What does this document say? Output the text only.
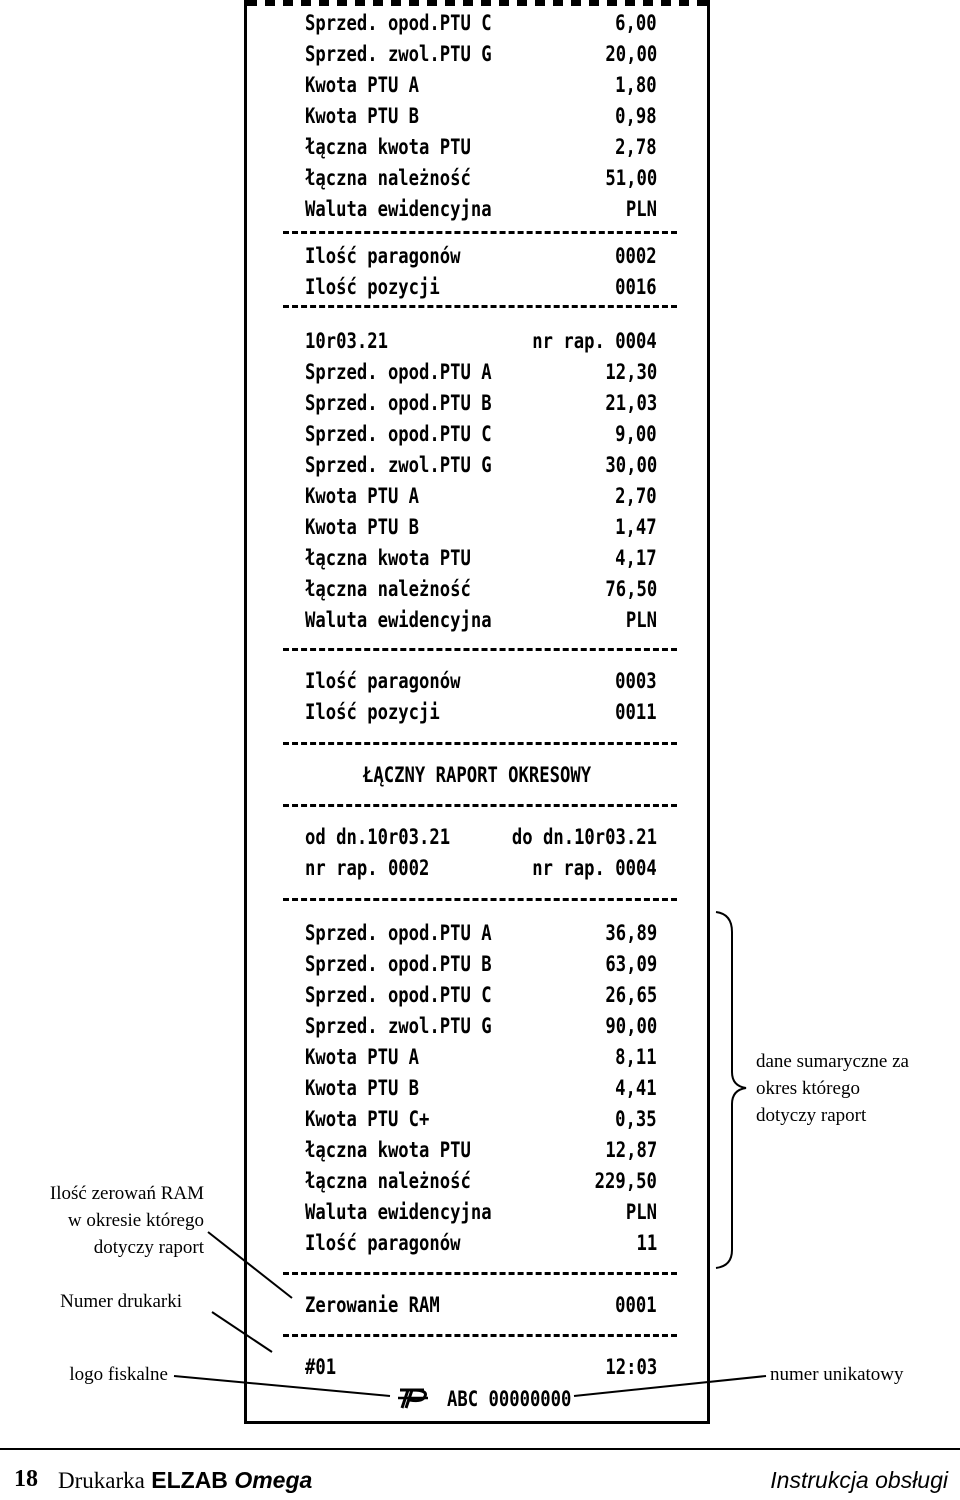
Sprzed. opod.PTU C	6,00
Sprzed. zwol.PTU G	20,00
Kwota PTU A	1,80
Kwota PTU B	0,98
łączna kwota PTU	2,78
łączna należność	51,00
Waluta ewidencyjna	PLN
Ilość paragonów	0002
Ilość pozycji	0016
10r03.21	nr rap. 0004
Sprzed. opod.PTU A	12,30
Sprzed. opod.PTU B	21,03
Sprzed. opod.PTU C	9,00
Sprzed. zwol.PTU G	30,00
Kwota PTU A	2,70
Kwota PTU B	1,47
łączna kwota PTU	4,17
łączna należność	76,50
Waluta ewidencyjna	PLN
Ilość paragonów	0003
Ilość pozycji	0011
ŁĄCZNY RAPORT OKRESOWY
od dn.10r03.21	do dn.10r03.21
nr rap. 0002	nr rap. 0004
Sprzed. opod.PTU A	36,89
Sprzed. opod.PTU B	63,09
Sprzed. opod.PTU C	26,65
Sprzed. zwol.PTU G	90,00
Kwota PTU A	8,11
Kwota PTU B	4,41
Kwota PTU C+	0,35
łączna kwota PTU	12,87
łączna należność	229,50
Waluta ewidencyjna	PLN
Ilość paragonów	11
Zerowanie RAM	0001
#01	12:03
ABC 00000000
dane sumaryczne za
okres którego
dotyczy raport
Ilość zerowań RAM
w okresie którego
dotyczy raport
Numer drukarki
logo fiskalne	numer unikatowy
18 Drukarka ELZAB Omega	Instrukcja obsługi
